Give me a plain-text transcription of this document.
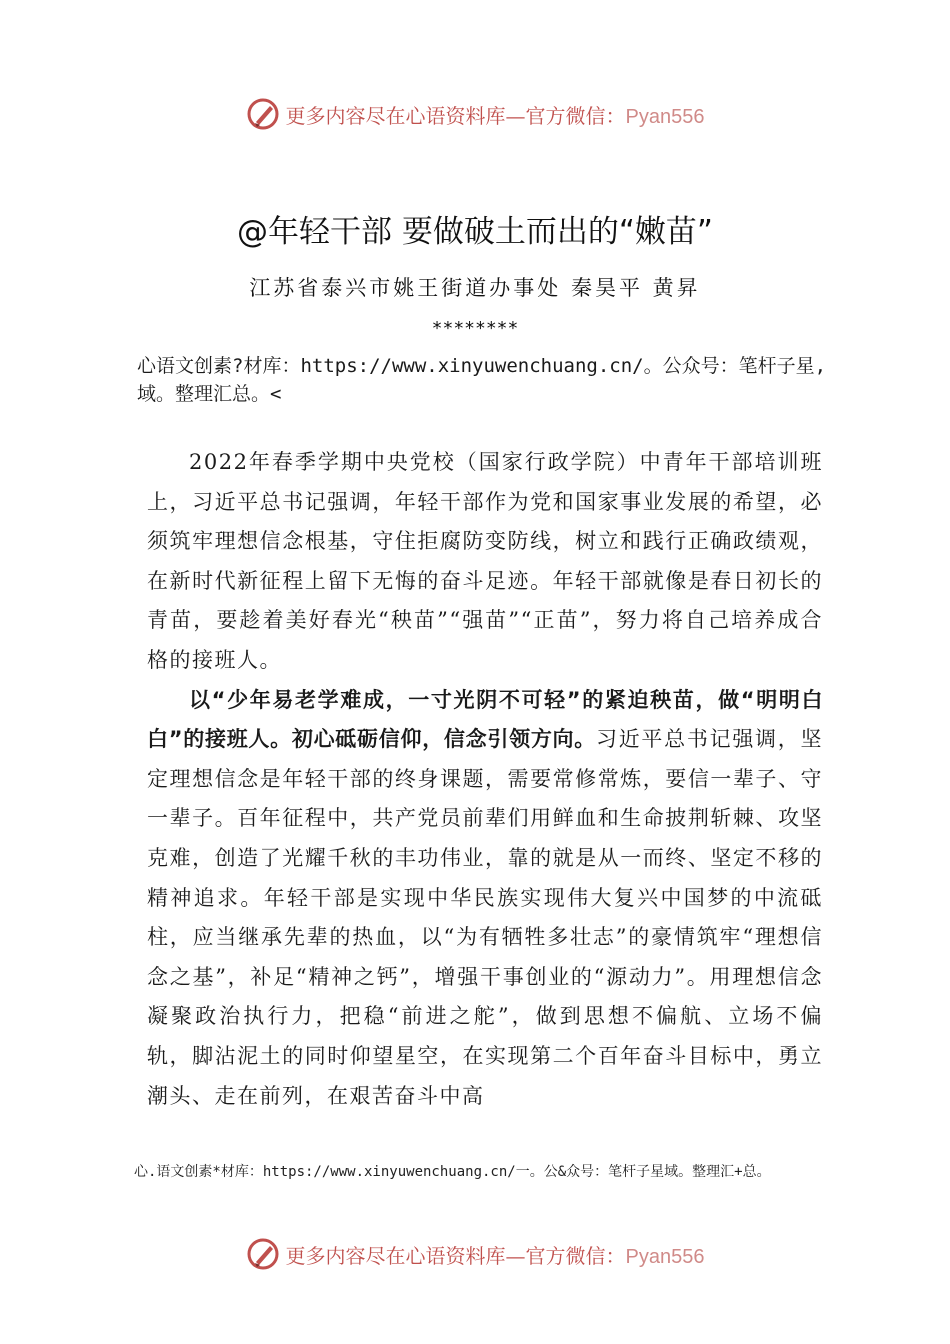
更多内容尽在心语资料库—官方微信：Pyan556
@年轻干部 要做破土而出的“嫩苗”
江苏省泰兴市姚王街道办事处 秦昊平 黄昇
********
心语文创素?材库：https://www.xinyuwenchuang.cn/。公众号：笔杆子星,域。整理汇总。<

2022年春季学期中央党校（国家行政学院）中青年干部培训班上，习近平总书记强调，年轻干部作为党和国家事业发展的希望，必须筑牢理想信念根基，守住拒腐防变防线，树立和践行正确政绩观，在新时代新征程上留下无悔的奋斗足迹。年轻干部就像是春日初长的青苗，要趁着美好春光“秧苗”“强苗”“正苗”，努力将自己培养成合格的接班人。

以“少年易老学难成，一寸光阴不可轻”的紧迫秧苗，做“明明白白”的接班人。初心砥砺信仰，信念引领方向。习近平总书记强调，坚定理想信念是年轻干部的终身课题，需要常修常炼，要信一辈子、守一辈子。百年征程中，共产党员前辈们用鲜血和生命披荆斩棘、攻坚克难，创造了光耀千秋的丰功伟业，靠的就是从一而终、坚定不移的精神追求。年轻干部是实现中华民族实现伟大复兴中国梦的中流砥柱，应当继承先辈的热血，以“为有牺牲多壮志”的豪情筑牢“理想信念之基”，补足“精神之钙”，增强干事创业的“源动力”。用理想信念凝聚政治执行力，把稳“前进之舵”，做到思想不偏航、立场不偏轨，脚沾泥土的同时仰望星空，在实现第二个百年奋斗目标中，勇立潮头、走在前列，在艰苦奋斗中高

心.语文创素*材库：https://www.xinyuwenchuang.cn/一。公&众号：笔杆子星域。整理汇+总。
更多内容尽在心语资料库—官方微信：Pyan556
